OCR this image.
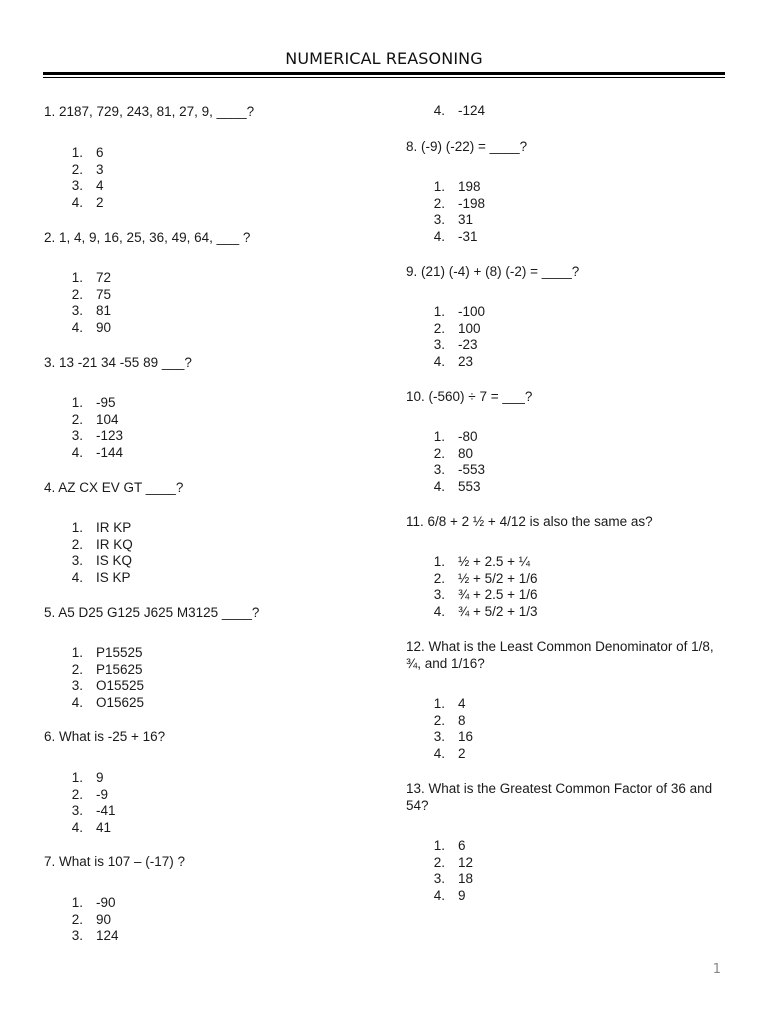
NUMERICAL REASONING
1. 2187, 729, 243, 81, 27, 9, ____?
1. 6
2. 3
3. 4
4. 2
2. 1, 4, 9, 16, 25, 36, 49, 64, ___ ?
1. 72
2. 75
3. 81
4. 90
3. 13 -21 34 -55 89 ___?
1. -95
2. 104
3. -123
4. -144
4. AZ CX EV GT ____?
1. IR KP
2. IR KQ
3. IS KQ
4. IS KP
5. A5 D25 G125 J625 M3125 ____?
1. P15525
2. P15625
3. O15525
4. O15625
6. What is -25 + 16?
1. 9
2. -9
3. -41
4. 41
7. What is 107 – (-17) ?
1. -90
2. 90
3. 124
4. -124
8. (-9) (-22) = ____?
1. 198
2. -198
3. 31
4. -31
9. (21) (-4) + (8) (-2) = ____?
1. -100
2. 100
3. -23
4. 23
10. (-560) ÷ 7 = ___?
1. -80
2. 80
3. -553
4. 553
11. 6/8 + 2 ½ + 4/12 is also the same as?
1. ½ + 2.5 + ¼
2. ½ + 5/2 + 1/6
3. ¾ + 2.5 + 1/6
4. ¾ + 5/2 + 1/3
12. What is the Least Common Denominator of 1/8, ¾, and 1/16?
1. 4
2. 8
3. 16
4. 2
13. What is the Greatest Common Factor of 36 and 54?
1. 6
2. 12
3. 18
4. 9
1
